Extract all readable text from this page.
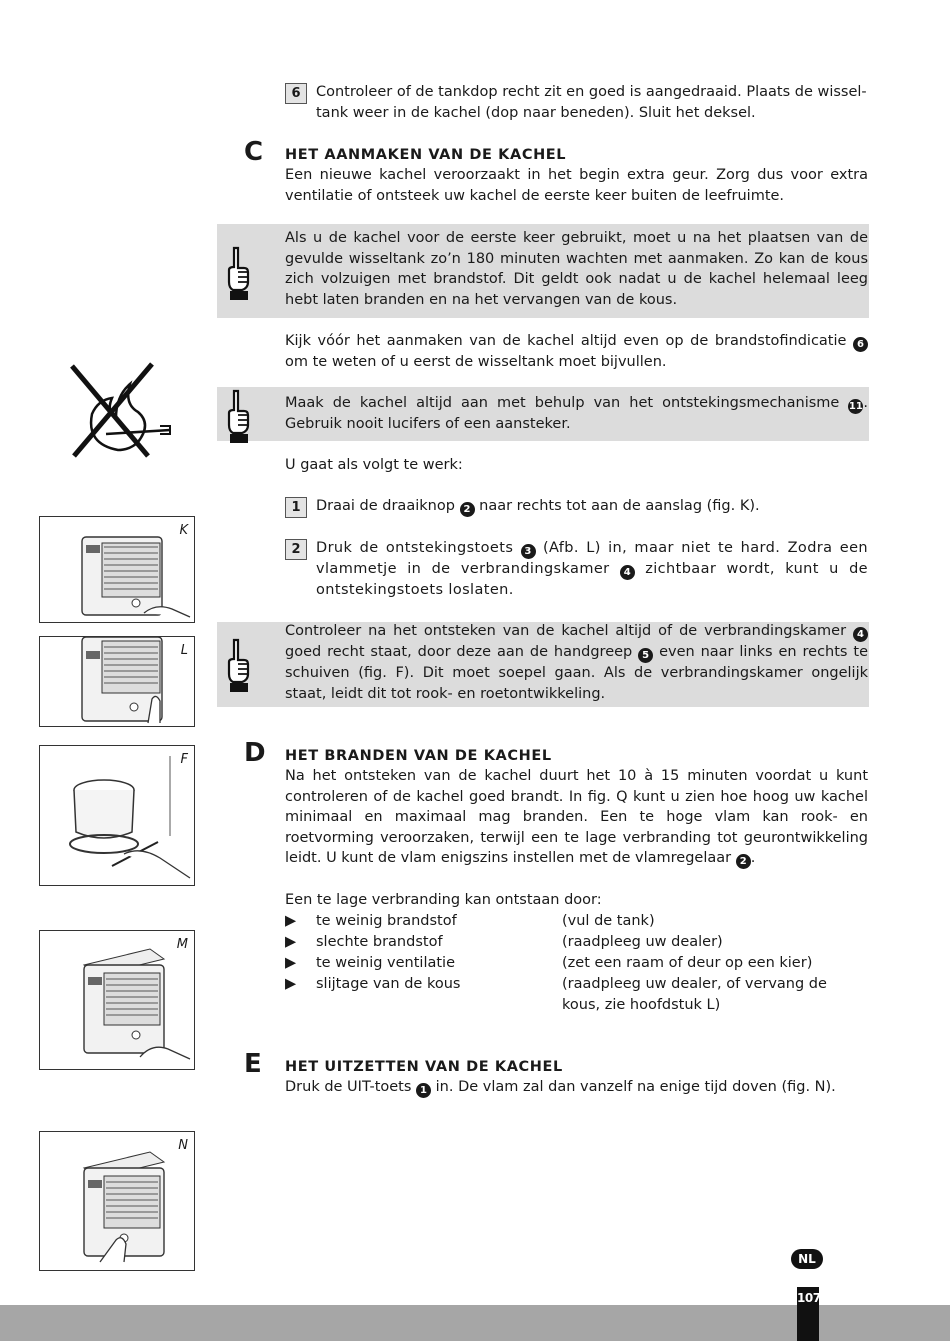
6	Controleer of de tankdop recht zit en goed is aangedraaid. Plaats de wissel-
tank weer in de kachel (dop naar beneden). Sluit het deksel.
C HET AANMAKEN VAN DE KACHEL
Een nieuwe kachel veroorzaakt in het begin extra geur. Zorg dus voor extra ventilatie of ontsteek uw kachel de eerste keer buiten de leefruimte.
Als u de kachel voor de eerste keer gebruikt, moet u na het plaatsen van de gevulde wisseltank zo’n 180 minuten wachten met aanmaken. Zo kan de kous zich volzuigen met brandstof. Dit geldt ook nadat u de kachel helemaal leeg hebt laten branden en na het vervangen van de kous.
Kijk vóór het aanmaken van de kachel altijd even op de brandstofindicatie 6 om te weten of u eerst de wisseltank moet bijvullen.
Maak de kachel altijd aan met behulp van het ontstekingsmechanisme 11. Gebruik nooit lucifers of een aansteker.
U gaat als volgt te werk:
1	Draai de draaiknop 2 naar rechts tot aan de aanslag (fig. K).
2	Druk de ontstekingstoets 3 (Afb. L) in, maar niet te hard. Zodra een vlammetje in de verbrandingskamer 4 zichtbaar wordt, kunt u de ontstekingstoets loslaten.
Controleer na het ontsteken van de kachel altijd of de verbrandingskamer 4 goed recht staat, door deze aan de handgreep 5 even naar links en rechts te schuiven (fig. F). Dit moet soepel gaan. Als de verbrandingskamer ongelijk staat, leidt dit tot rook- en roetontwikkeling.
D HET BRANDEN VAN DE KACHEL
Na het ontsteken van de kachel duurt het 10 à 15 minuten voordat u kunt controleren of de kachel goed brandt. In fig. Q kunt u zien hoe hoog uw kachel minimaal en maximaal mag branden. Een te hoge vlam kan rook- en roetvorming veroorzaken, terwijl een te lage verbranding tot geurontwikkeling leidt. U kunt de vlam enigszins instellen met de vlamregelaar 2 .
Een te lage verbranding kan ontstaan door:
▶ te weinig brandstof	(vul de tank)
▶ slechte brandstof	(raadpleeg uw dealer)
▶ te weinig ventilatie	(zet een raam of deur op een kier)
▶ slijtage van de kous	(raadpleeg uw dealer, of vervang de kous, zie hoofdstuk L)
E HET UITZETTEN VAN DE KACHEL
Druk de UIT-toets 1 in. De vlam zal dan vanzelf na enige tijd doven (fig. N).
K
L
F
M
N
NL
107
